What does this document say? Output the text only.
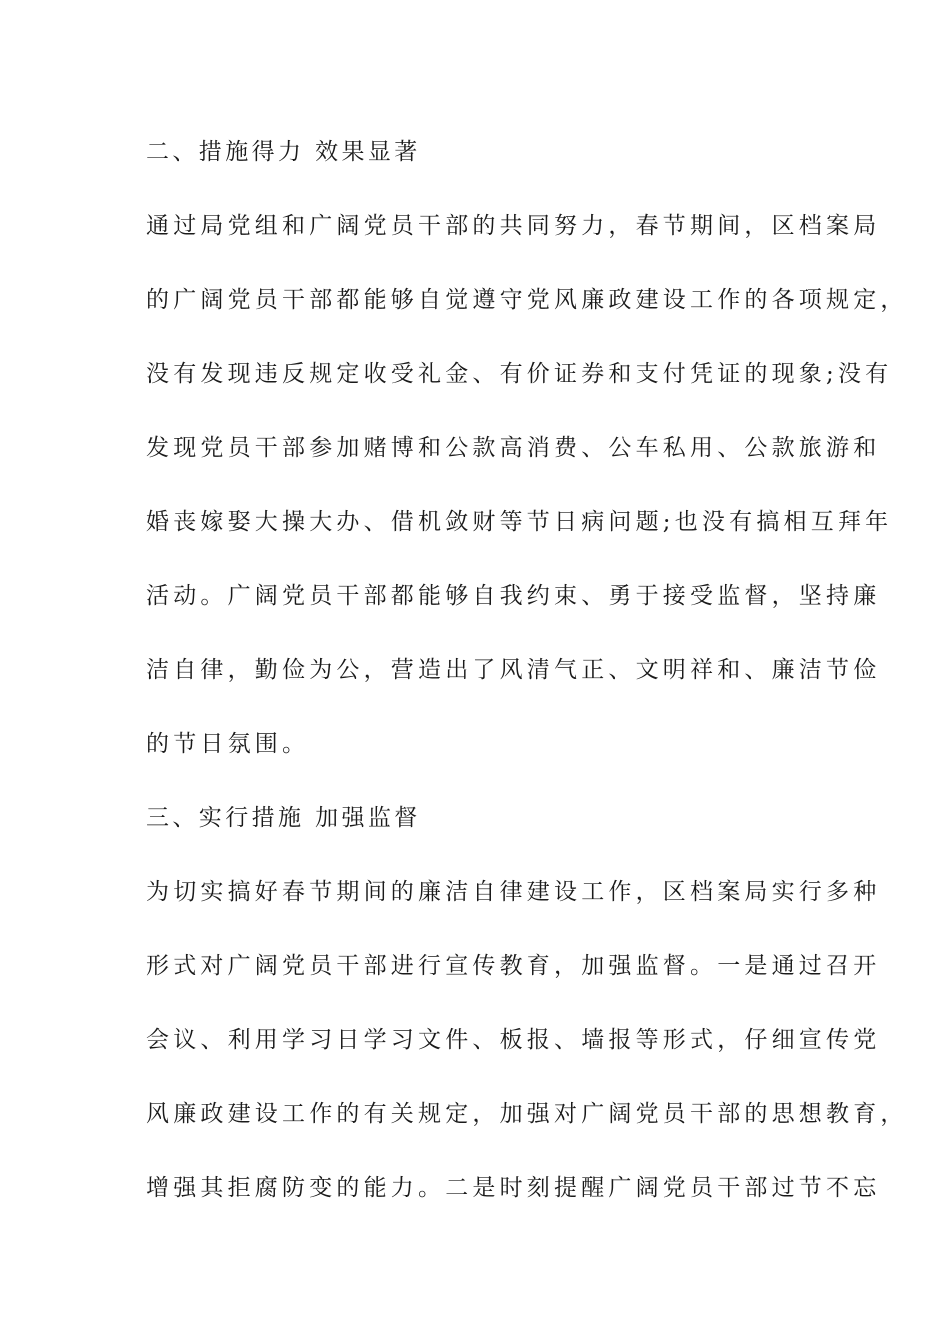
二、措施得力 效果显著
通过局党组和广阔党员干部的共同努力，春节期间，区档案局
的广阔党员干部都能够自觉遵守党风廉政建设工作的各项规定，
没有发现违反规定收受礼金、有价证券和支付凭证的现象;没有
发现党员干部参加赌博和公款高消费、公车私用、公款旅游和
婚丧嫁娶大操大办、借机敛财等节日病问题;也没有搞相互拜年
活动。广阔党员干部都能够自我约束、勇于接受监督，坚持廉
洁自律，勤俭为公，营造出了风清气正、文明祥和、廉洁节俭
的节日氛围。
三、实行措施 加强监督
为切实搞好春节期间的廉洁自律建设工作，区档案局实行多种
形式对广阔党员干部进行宣传教育，加强监督。一是通过召开
会议、利用学习日学习文件、板报、墙报等形式，仔细宣传党
风廉政建设工作的有关规定，加强对广阔党员干部的思想教育，
增强其拒腐防变的能力。二是时刻提醒广阔党员干部过节不忘
